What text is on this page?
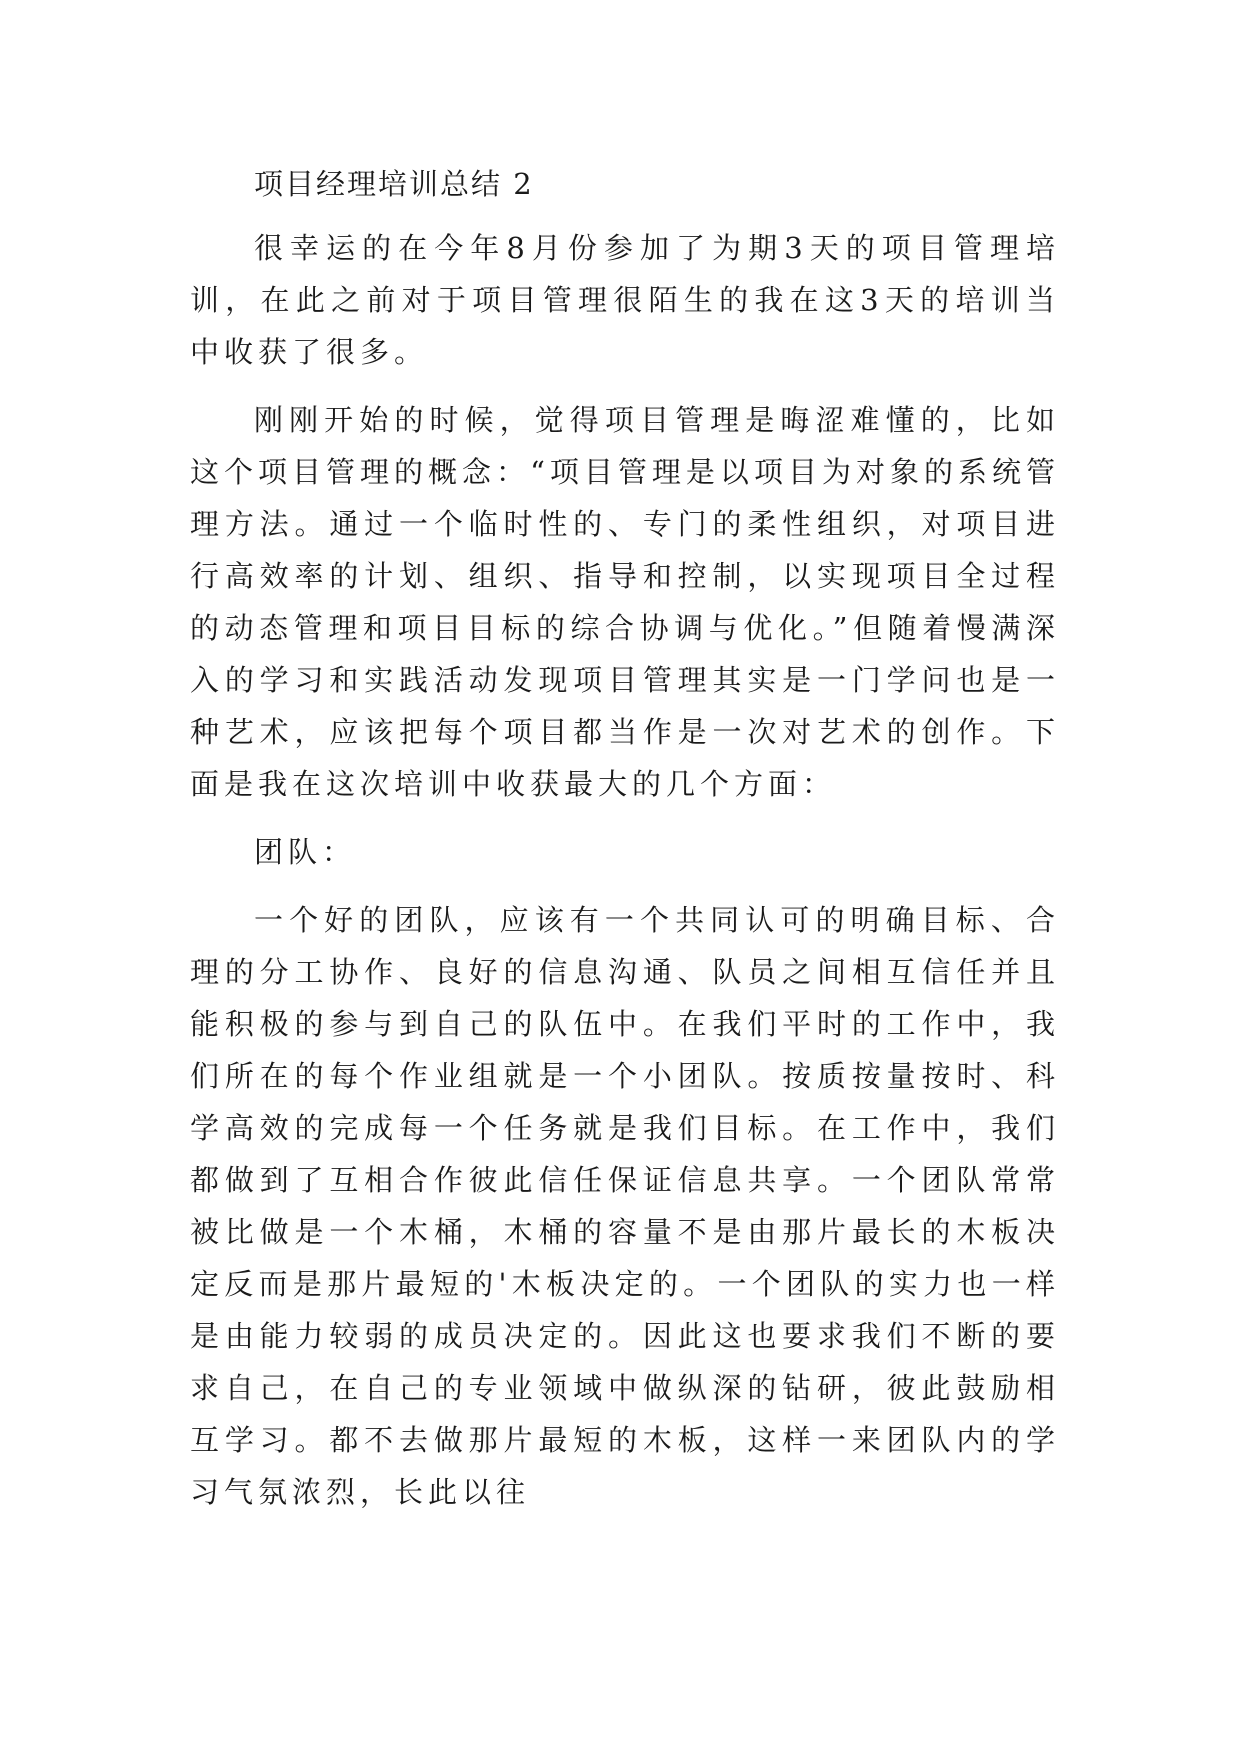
项目经理培训总结 2

很幸运的在今年8月份参加了为期3天的项目管理培训，在此之前对于项目管理很陌生的我在这3天的培训当中收获了很多。

刚刚开始的时候，觉得项目管理是晦涩难懂的，比如这个项目管理的概念：“项目管理是以项目为对象的系统管理方法。通过一个临时性的、专门的柔性组织，对项目进行高效率的计划、组织、指导和控制，以实现项目全过程的动态管理和项目目标的综合协调与优化。”但随着慢满深入的学习和实践活动发现项目管理其实是一门学问也是一种艺术，应该把每个项目都当作是一次对艺术的创作。下面是我在这次培训中收获最大的几个方面：

团队：

一个好的团队，应该有一个共同认可的明确目标、合理的分工协作、良好的信息沟通、队员之间相互信任并且能积极的参与到自己的队伍中。在我们平时的工作中，我们所在的每个作业组就是一个小团队。按质按量按时、科学高效的完成每一个任务就是我们目标。在工作中，我们都做到了互相合作彼此信任保证信息共享。一个团队常常被比做是一个木桶，木桶的容量不是由那片最长的木板决定反而是那片最短的'木板决定的。一个团队的实力也一样是由能力较弱的成员决定的。因此这也要求我们不断的要求自己，在自己的专业领域中做纵深的钻研，彼此鼓励相互学习。都不去做那片最短的木板，这样一来团队内的学习气氛浓烈，长此以往
